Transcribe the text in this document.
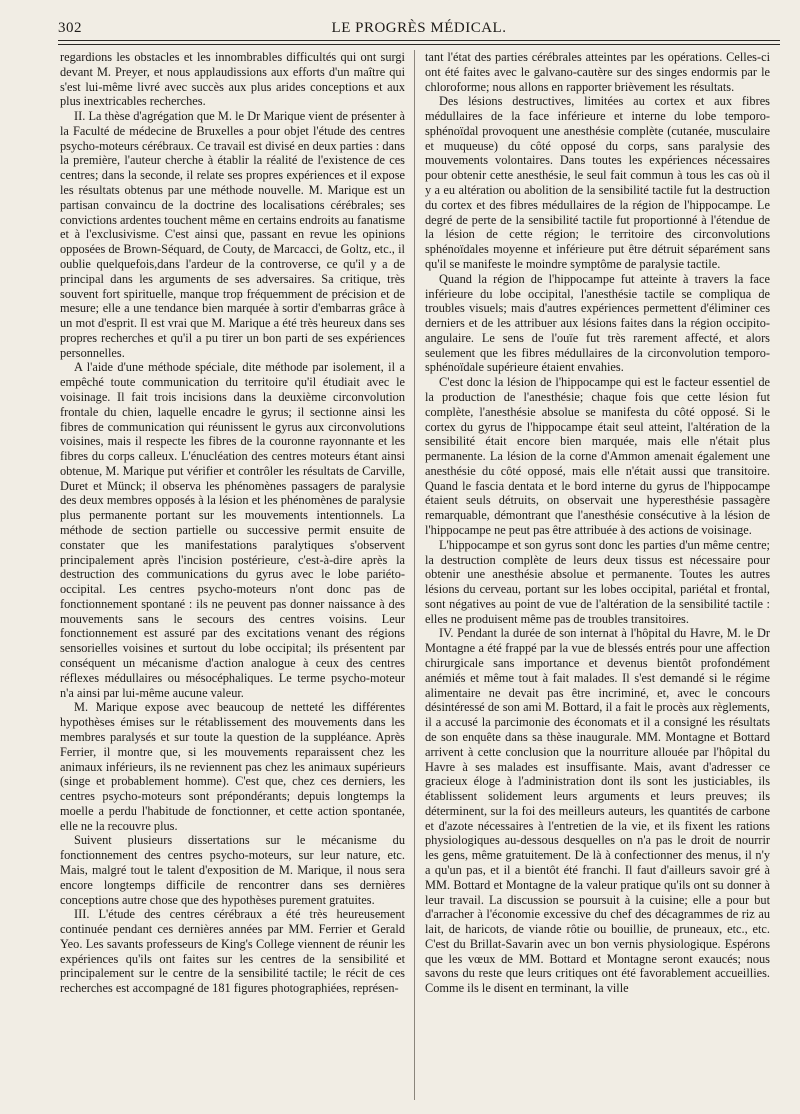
302	LE PROGRÈS MÉDICAL.

regardions les obstacles et les innombrables difficultés qui ont surgi devant M. Preyer, et nous applaudissions aux efforts d'un maître qui s'est lui-même livré avec succès aux plus arides conceptions et aux plus inextricables recherches.

II. La thèse d'agrégation que M. le Dr Marique vient de présenter à la Faculté de médecine de Bruxelles a pour objet l'étude des centres psycho-moteurs cérébraux. Ce travail est divisé en deux parties : dans la première, l'auteur cherche à établir la réalité de l'existence de ces centres; dans la seconde, il relate ses propres expériences et il expose les résultats obtenus par une méthode nouvelle. M. Marique est un partisan convaincu de la doctrine des localisations cérébrales; ses convictions ardentes touchent même en certains endroits au fanatisme et à l'exclusivisme. C'est ainsi que, passant en revue les opinions opposées de Brown-Séquard, de Couty, de Marcacci, de Goltz, etc., il oublie quelquefois,dans l'ardeur de la controverse, ce qu'il y a de principal dans les arguments de ses adversaires. Sa critique, très souvent fort spirituelle, manque trop fréquemment de précision et de mesure; elle a une tendance bien marquée à sortir d'embarras grâce à un mot d'esprit. Il est vrai que M. Marique a été très heureux dans ses propres recherches et qu'il a pu tirer un bon parti de ses expériences personnelles.

A l'aide d'une méthode spéciale, dite méthode par isolement, il a empêché toute communication du territoire qu'il étudiait avec le voisinage. Il fait trois incisions dans la deuxième circonvolution frontale du chien, laquelle encadre le gyrus; il sectionne ainsi les fibres de communication qui réunissent le gyrus aux circonvolutions voisines, mais il respecte les fibres de la couronne rayonnante et les fibres du corps calleux. L'énucléation des centres moteurs étant ainsi obtenue, M. Marique put vérifier et contrôler les résultats de Carville, Duret et Münck; il observa les phénomènes passagers de paralysie des deux membres opposés à la lésion et les phénomènes de paralysie plus permanente portant sur les mouvements intentionnels. La méthode de section partielle ou successive permit ensuite de constater que les manifestations paralytiques s'observent principalement après l'incision postérieure, c'est-à-dire après la destruction des communications du gyrus avec le lobe pariéto-occipital. Les centres psycho-moteurs n'ont donc pas de fonctionnement spontané : ils ne peuvent pas donner naissance à des mouvements sans le secours des centres voisins. Leur fonctionnement est assuré par des excitations venant des régions sensorielles voisines et surtout du lobe occipital; ils présentent par conséquent un mécanisme d'action analogue à ceux des centres réflexes médullaires ou mésocéphaliques. Le terme psycho-moteur n'a ainsi par lui-même aucune valeur.

M. Marique expose avec beaucoup de netteté les différentes hypothèses émises sur le rétablissement des mouvements dans les membres paralysés et sur toute la question de la suppléance. Après Ferrier, il montre que, si les mouvements reparaissent chez les animaux inférieurs, ils ne reviennent pas chez les animaux supérieurs (singe et probablement homme). C'est que, chez ces derniers, les centres psycho-moteurs sont prépondérants; depuis longtemps la moelle a perdu l'habitude de fonctionner, et cette action spontanée, elle ne la recouvre plus.

Suivent plusieurs dissertations sur le mécanisme du fonctionnement des centres psycho-moteurs, sur leur nature, etc. Mais, malgré tout le talent d'exposition de M. Marique, il nous sera encore longtemps difficile de rencontrer dans ses dernières conceptions autre chose que des hypothèses purement gratuites.

III. L'étude des centres cérébraux a été très heureusement continuée pendant ces dernières années par MM. Ferrier et Gerald Yeo. Les savants professeurs de King's College viennent de réunir les expériences qu'ils ont faites sur les centres de la sensibilité et principalement sur le centre de la sensibilité tactile; le récit de ces recherches est accompagné de 181 figures photographiées, représen-

tant l'état des parties cérébrales atteintes par les opérations. Celles-ci ont été faites avec le galvano-cautère sur des singes endormis par le chloroforme; nous allons en rapporter brièvement les résultats.

Des lésions destructives, limitées au cortex et aux fibres médullaires de la face inférieure et interne du lobe temporo-sphénoïdal provoquent une anesthésie complète (cutanée, musculaire et muqueuse) du côté opposé du corps, sans paralysie des mouvements volontaires. Dans toutes les expériences nécessaires pour obtenir cette anesthésie, le seul fait commun à tous les cas où il y a eu altération ou abolition de la sensibilité tactile fut la destruction du cortex et des fibres médullaires de la région de l'hippocampe. Le degré de perte de la sensibilité tactile fut proportionné à l'étendue de la lésion de cette région; le territoire des circonvolutions sphénoïdales moyenne et inférieure put être détruit séparément sans qu'il se manifeste le moindre symptôme de paralysie tactile.

Quand la région de l'hippocampe fut atteinte à travers la face inférieure du lobe occipital, l'anesthésie tactile se compliqua de troubles visuels; mais d'autres expériences permettent d'éliminer ces derniers et de les attribuer aux lésions faites dans la région occipito-angulaire. Le sens de l'ouïe fut très rarement affecté, et alors seulement que les fibres médullaires de la circonvolution temporo-sphénoïdale supérieure étaient envahies.

C'est donc la lésion de l'hippocampe qui est le facteur essentiel de la production de l'anesthésie; chaque fois que cette lésion fut complète, l'anesthésie absolue se manifesta du côté opposé. Si le cortex du gyrus de l'hippocampe était seul atteint, l'altération de la sensibilité était encore bien marquée, mais elle n'était plus permanente. La lésion de la corne d'Ammon amenait également une anesthésie du côté opposé, mais elle n'était aussi que transitoire. Quand le fascia dentata et le bord interne du gyrus de l'hippocampe étaient seuls détruits, on observait une hyperesthésie passagère remarquable, démontrant que l'anesthésie consécutive à la lésion de l'hippocampe ne peut pas être attribuée à des actions de voisinage.

L'hippocampe et son gyrus sont donc les parties d'un même centre; la destruction complète de leurs deux tissus est nécessaire pour obtenir une anesthésie absolue et permanente. Toutes les autres lésions du cerveau, portant sur les lobes occipital, pariétal et frontal, sont négatives au point de vue de l'altération de la sensibilité tactile : elles ne produisent même pas de troubles transitoires.

IV. Pendant la durée de son internat à l'hôpital du Havre, M. le Dr Montagne a été frappé par la vue de blessés entrés pour une affection chirurgicale sans importance et devenus bientôt profondément anémiés et même tout à fait malades. Il s'est demandé si le régime alimentaire ne devait pas être incriminé, et, avec le concours désintéressé de son ami M. Bottard, il a fait le procès aux règlements, il a accusé la parcimonie des économats et il a consigné les résultats de son enquête dans sa thèse inaugurale. MM. Montagne et Bottard arrivent à cette conclusion que la nourriture allouée par l'hôpital du Havre à ses malades est insuffisante. Mais, avant d'adresser ce gracieux éloge à l'administration dont ils sont les justiciables, ils établissent solidement leurs arguments et leurs preuves; ils déterminent, sur la foi des meilleurs auteurs, les quantités de carbone et d'azote nécessaires à l'entretien de la vie, et ils fixent les rations physiologiques au-dessous desquelles on n'a pas le droit de nourrir les gens, même gratuitement. De là à confectionner des menus, il n'y a qu'un pas, et il a bientôt été franchi. Il faut d'ailleurs savoir gré à MM. Bottard et Montagne de la valeur pratique qu'ils ont su donner à leur travail. La discussion se poursuit à la cuisine; elle a pour but d'arracher à l'économie excessive du chef des décagrammes de riz au lait, de haricots, de viande rôtie ou bouillie, de pruneaux, etc., etc. C'est du Brillat-Savarin avec un bon vernis physiologique. Espérons que les vœux de MM. Bottard et Montagne seront exaucés; nous savons du reste que leurs critiques ont été favorablement accueillies. Comme ils le disent en terminant, la ville
